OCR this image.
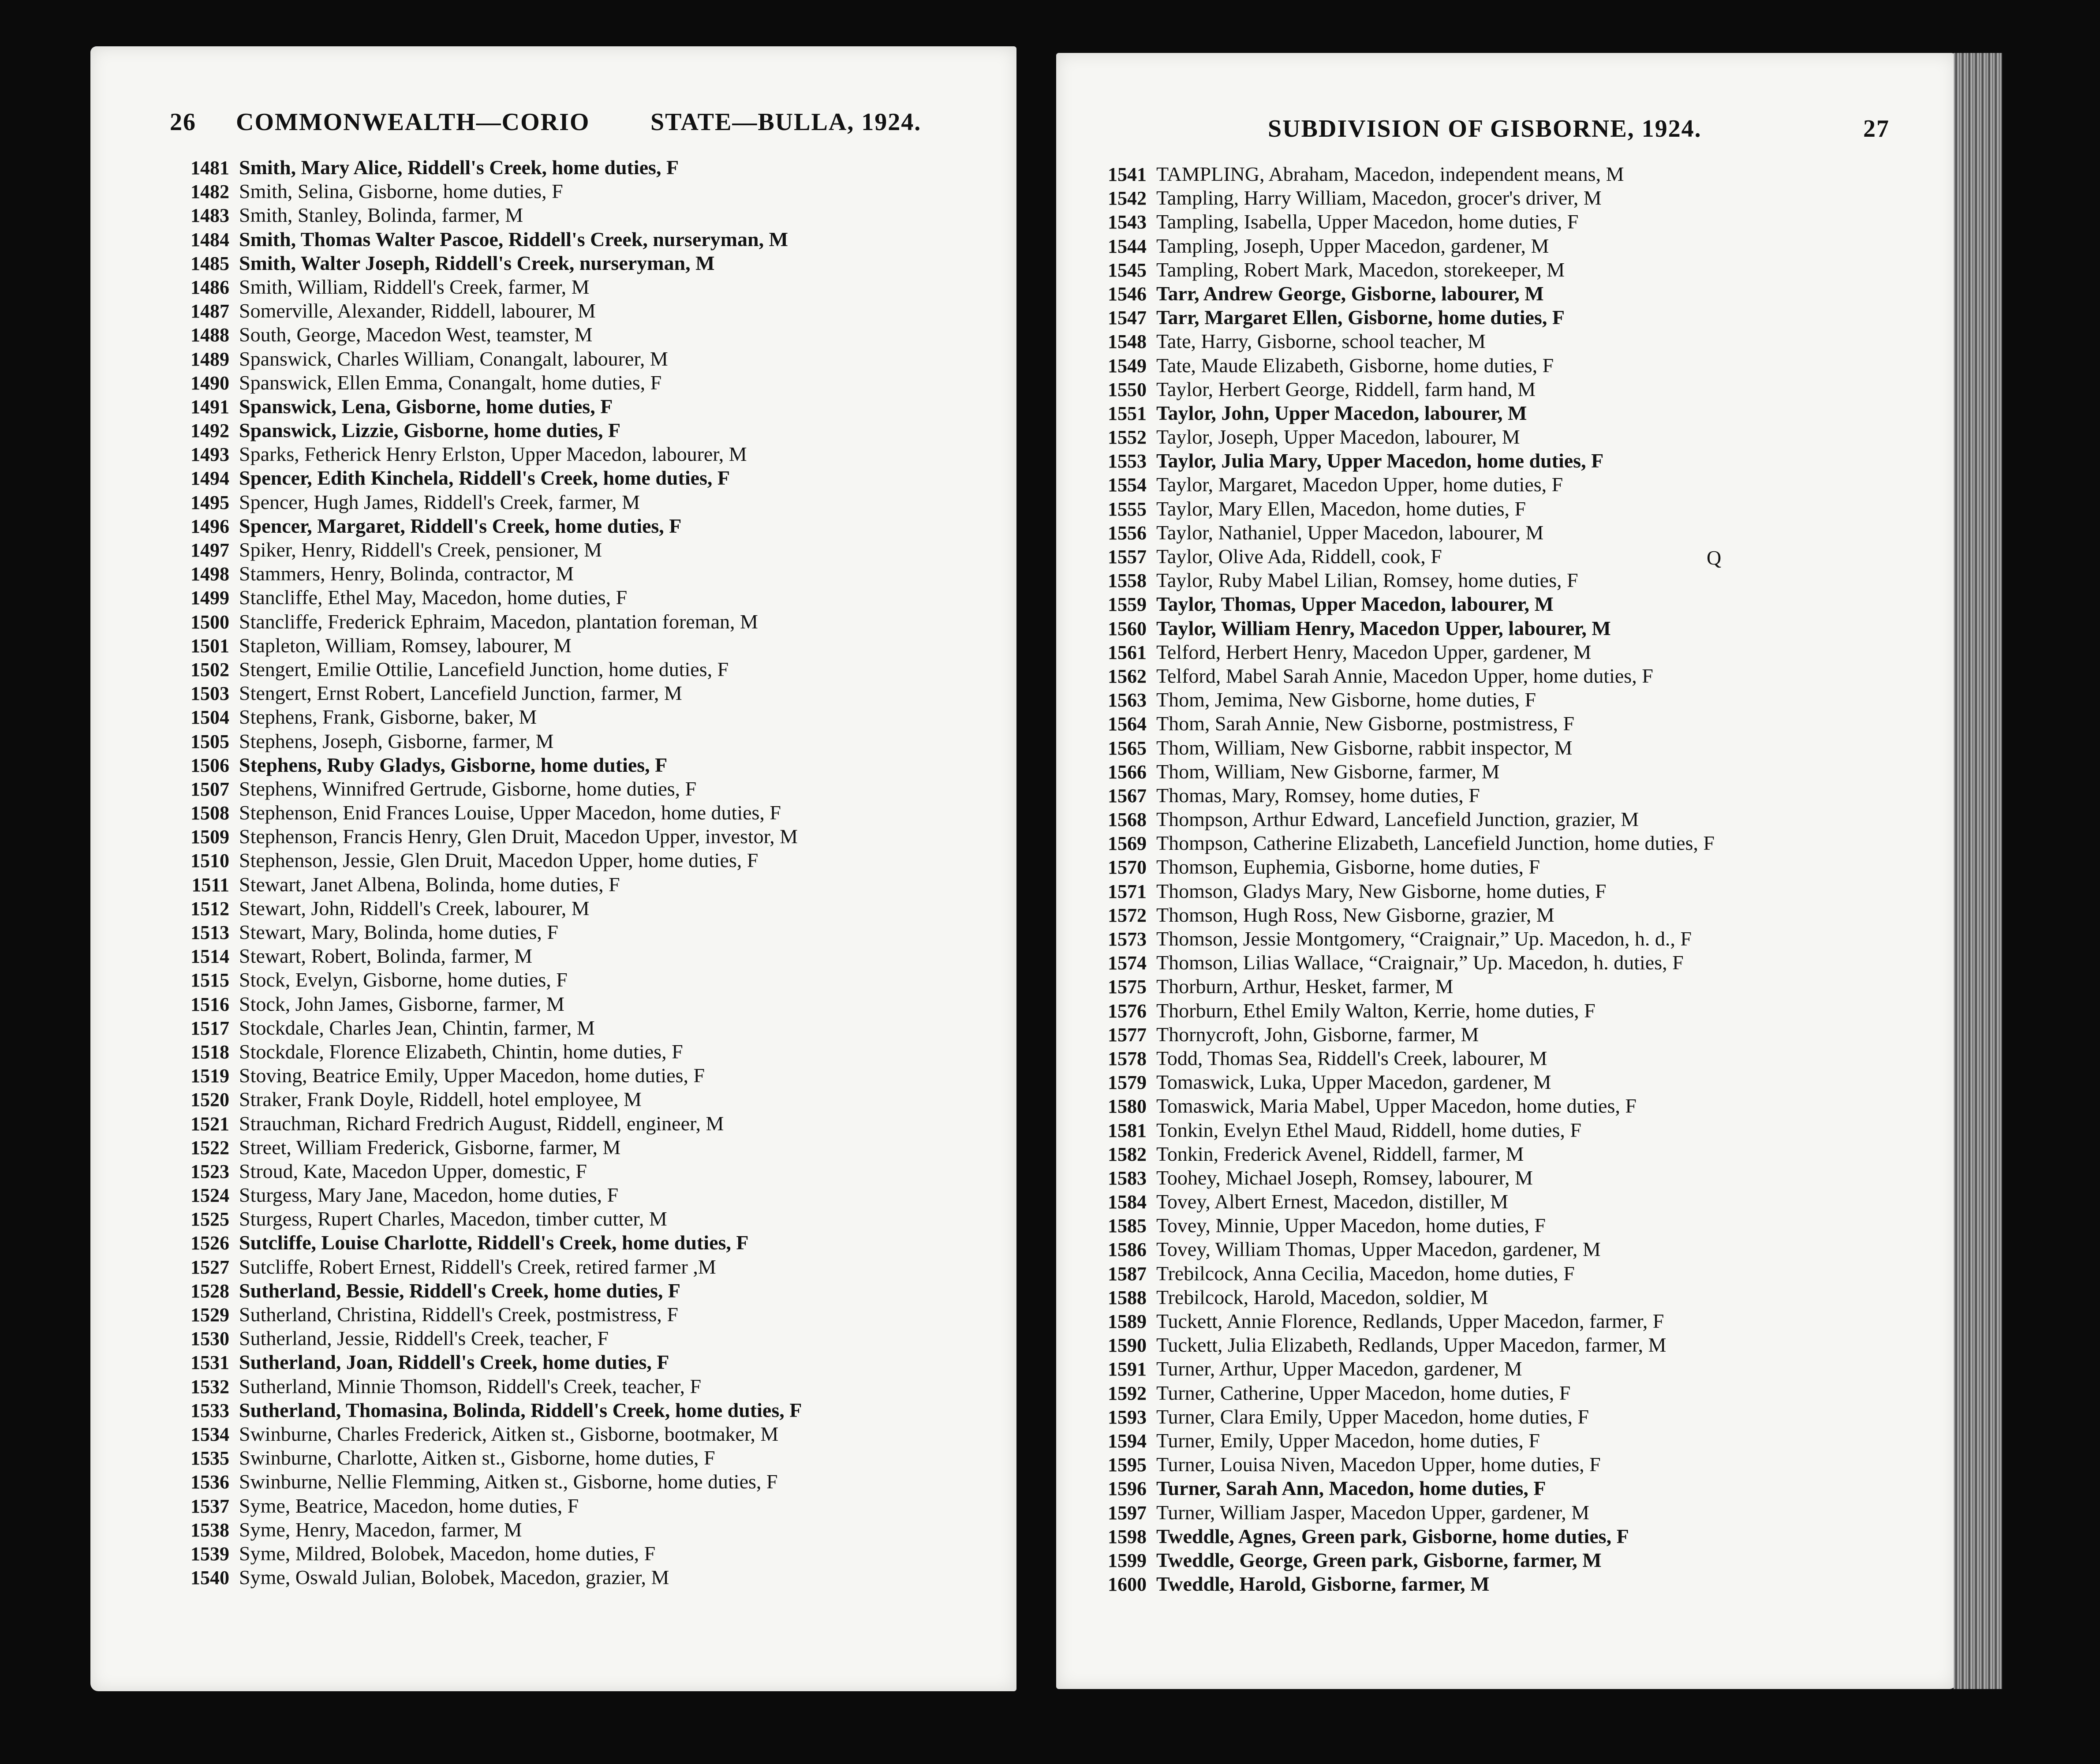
26 COMMONWEALTH—CORIO STATE—BULLA, 1924.
1481 Smith, Mary Alice, Riddell's Creek, home duties, F
1482 Smith, Selina, Gisborne, home duties, F
1483 Smith, Stanley, Bolinda, farmer, M
1484 Smith, Thomas Walter Pascoe, Riddell's Creek, nurseryman, M
1485 Smith, Walter Joseph, Riddell's Creek, nurseryman, M
1486 Smith, William, Riddell's Creek, farmer, M
1487 Somerville, Alexander, Riddell, labourer, M
1488 South, George, Macedon West, teamster, M
1489 Spanswick, Charles William, Conangalt, labourer, M
1490 Spanswick, Ellen Emma, Conangalt, home duties, F
1491 Spanswick, Lena, Gisborne, home duties, F
1492 Spanswick, Lizzie, Gisborne, home duties, F
1493 Sparks, Fetherick Henry Erlston, Upper Macedon, labourer, M
1494 Spencer, Edith Kinchela, Riddell's Creek, home duties, F
1495 Spencer, Hugh James, Riddell's Creek, farmer, M
1496 Spencer, Margaret, Riddell's Creek, home duties, F
1497 Spiker, Henry, Riddell's Creek, pensioner, M
1498 Stammers, Henry, Bolinda, contractor, M
1499 Stancliffe, Ethel May, Macedon, home duties, F
1500 Stancliffe, Frederick Ephraim, Macedon, plantation foreman, M
1501 Stapleton, William, Romsey, labourer, M
1502 Stengert, Emilie Ottilie, Lancefield Junction, home duties, F
1503 Stengert, Ernst Robert, Lancefield Junction, farmer, M
1504 Stephens, Frank, Gisborne, baker, M
1505 Stephens, Joseph, Gisborne, farmer, M
1506 Stephens, Ruby Gladys, Gisborne, home duties, F
1507 Stephens, Winnifred Gertrude, Gisborne, home duties, F
1508 Stephenson, Enid Frances Louise, Upper Macedon, home duties, F
1509 Stephenson, Francis Henry, Glen Druit, Macedon Upper, investor, M
1510 Stephenson, Jessie, Glen Druit, Macedon Upper, home duties, F
1511 Stewart, Janet Albena, Bolinda, home duties, F
1512 Stewart, John, Riddell's Creek, labourer, M
1513 Stewart, Mary, Bolinda, home duties, F
1514 Stewart, Robert, Bolinda, farmer, M
1515 Stock, Evelyn, Gisborne, home duties, F
1516 Stock, John James, Gisborne, farmer, M
1517 Stockdale, Charles Jean, Chintin, farmer, M
1518 Stockdale, Florence Elizabeth, Chintin, home duties, F
1519 Stoving, Beatrice Emily, Upper Macedon, home duties, F
1520 Straker, Frank Doyle, Riddell, hotel employee, M
1521 Strauchman, Richard Fredrich August, Riddell, engineer, M
1522 Street, William Frederick, Gisborne, farmer, M
1523 Stroud, Kate, Macedon Upper, domestic, F
1524 Sturgess, Mary Jane, Macedon, home duties, F
1525 Sturgess, Rupert Charles, Macedon, timber cutter, M
1526 Sutcliffe, Louise Charlotte, Riddell's Creek, home duties, F
1527 Sutcliffe, Robert Ernest, Riddell's Creek, retired farmer ,M
1528 Sutherland, Bessie, Riddell's Creek, home duties, F
1529 Sutherland, Christina, Riddell's Creek, postmistress, F
1530 Sutherland, Jessie, Riddell's Creek, teacher, F
1531 Sutherland, Joan, Riddell's Creek, home duties, F
1532 Sutherland, Minnie Thomson, Riddell's Creek, teacher, F
1533 Sutherland, Thomasina, Bolinda, Riddell's Creek, home duties, F
1534 Swinburne, Charles Frederick, Aitken st., Gisborne, bootmaker, M
1535 Swinburne, Charlotte, Aitken st., Gisborne, home duties, F
1536 Swinburne, Nellie Flemming, Aitken st., Gisborne, home duties, F
1537 Syme, Beatrice, Macedon, home duties, F
1538 Syme, Henry, Macedon, farmer, M
1539 Syme, Mildred, Bolobek, Macedon, home duties, F
1540 Syme, Oswald Julian, Bolobek, Macedon, grazier, M
SUBDIVISION OF GISBORNE, 1924.	27
1541 TAMPLING, Abraham, Macedon, independent means, M
1542 Tampling, Harry William, Macedon, grocer's driver, M
1543 Tampling, Isabella, Upper Macedon, home duties, F
1544 Tampling, Joseph, Upper Macedon, gardener, M
1545 Tampling, Robert Mark, Macedon, storekeeper, M
1546 Tarr, Andrew George, Gisborne, labourer, M
1547 Tarr, Margaret Ellen, Gisborne, home duties, F
1548 Tate, Harry, Gisborne, school teacher, M
1549 Tate, Maude Elizabeth, Gisborne, home duties, F
1550 Taylor, Herbert George, Riddell, farm hand, M
1551 Taylor, John, Upper Macedon, labourer, M
1552 Taylor, Joseph, Upper Macedon, labourer, M
1553 Taylor, Julia Mary, Upper Macedon, home duties, F
1554 Taylor, Margaret, Macedon Upper, home duties, F
1555 Taylor, Mary Ellen, Macedon, home duties, F
1556 Taylor, Nathaniel, Upper Macedon, labourer, M
1557 Taylor, Olive Ada, Riddell, cook, F
1558 Taylor, Ruby Mabel Lilian, Romsey, home duties, F
1559 Taylor, Thomas, Upper Macedon, labourer, M
1560 Taylor, William Henry, Macedon Upper, labourer, M
1561 Telford, Herbert Henry, Macedon Upper, gardener, M
1562 Telford, Mabel Sarah Annie, Macedon Upper, home duties, F
1563 Thom, Jemima, New Gisborne, home duties, F
1564 Thom, Sarah Annie, New Gisborne, postmistress, F
1565 Thom, William, New Gisborne, rabbit inspector, M
1566 Thom, William, New Gisborne, farmer, M
1567 Thomas, Mary, Romsey, home duties, F
1568 Thompson, Arthur Edward, Lancefield Junction, grazier, M
1569 Thompson, Catherine Elizabeth, Lancefield Junction, home duties, F
1570 Thomson, Euphemia, Gisborne, home duties, F
1571 Thomson, Gladys Mary, New Gisborne, home duties, F
1572 Thomson, Hugh Ross, New Gisborne, grazier, M
1573 Thomson, Jessie Montgomery, “Craignair,” Up. Macedon, h. d., F
1574 Thomson, Lilias Wallace, “Craignair,” Up. Macedon, h. duties, F
1575 Thorburn, Arthur, Hesket, farmer, M
1576 Thorburn, Ethel Emily Walton, Kerrie, home duties, F
1577 Thornycroft, John, Gisborne, farmer, M
1578 Todd, Thomas Sea, Riddell's Creek, labourer, M
1579 Tomaswick, Luka, Upper Macedon, gardener, M
1580 Tomaswick, Maria Mabel, Upper Macedon, home duties, F
1581 Tonkin, Evelyn Ethel Maud, Riddell, home duties, F
1582 Tonkin, Frederick Avenel, Riddell, farmer, M
1583 Toohey, Michael Joseph, Romsey, labourer, M
1584 Tovey, Albert Ernest, Macedon, distiller, M
1585 Tovey, Minnie, Upper Macedon, home duties, F
1586 Tovey, William Thomas, Upper Macedon, gardener, M
1587 Trebilcock, Anna Cecilia, Macedon, home duties, F
1588 Trebilcock, Harold, Macedon, soldier, M
1589 Tuckett, Annie Florence, Redlands, Upper Macedon, farmer, F
1590 Tuckett, Julia Elizabeth, Redlands, Upper Macedon, farmer, M
1591 Turner, Arthur, Upper Macedon, gardener, M
1592 Turner, Catherine, Upper Macedon, home duties, F
1593 Turner, Clara Emily, Upper Macedon, home duties, F
1594 Turner, Emily, Upper Macedon, home duties, F
1595 Turner, Louisa Niven, Macedon Upper, home duties, F
1596 Turner, Sarah Ann, Macedon, home duties, F
1597 Turner, William Jasper, Macedon Upper, gardener, M
1598 Tweddle, Agnes, Green park, Gisborne, home duties, F
1599 Tweddle, George, Green park, Gisborne, farmer, M
1600 Tweddle, Harold, Gisborne, farmer, M
Q
